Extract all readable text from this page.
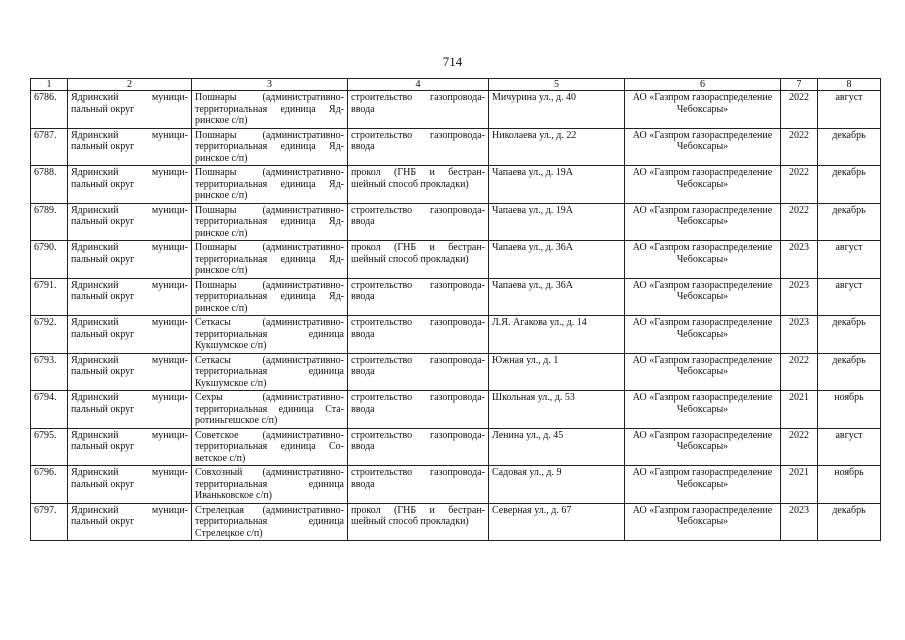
714
1	2	3	4	5	6	7	8
6786.	Ядринский муници-пальный округ	Пошнары (административно-территориальная единица Яд-ринское с/п)	строительство газопровода-ввода	Мичурина ул., д. 40	АО «Газпром газораспределение Чебоксары»	2022	август
6787.	Ядринский муници-пальный округ	Пошнары (административно-территориальная единица Яд-ринское с/п)	строительство газопровода-ввода	Николаева ул., д. 22	АО «Газпром газораспределение Чебоксары»	2022	декабрь
6788.	Ядринский муници-пальный округ	Пошнары (административно-территориальная единица Яд-ринское с/п)	прокол (ГНБ и бестран-шейный способ прокладки)	Чапаева ул., д. 19А	АО «Газпром газораспределение Чебоксары»	2022	декабрь
6789.	Ядринский муници-пальный округ	Пошнары (административно-территориальная единица Яд-ринское с/п)	строительство газопровода-ввода	Чапаева ул., д. 19А	АО «Газпром газораспределение Чебоксары»	2022	декабрь
6790.	Ядринский муници-пальный округ	Пошнары (административно-территориальная единица Яд-ринское с/п)	прокол (ГНБ и бестран-шейный способ прокладки)	Чапаева ул., д. 36А	АО «Газпром газораспределение Чебоксары»	2023	август
6791.	Ядринский муници-пальный округ	Пошнары (административно-территориальная единица Яд-ринское с/п)	строительство газопровода-ввода	Чапаева ул., д. 36А	АО «Газпром газораспределение Чебоксары»	2023	август
6792.	Ядринский муници-пальный округ	Сеткасы (административно-территориальная единица Кукшумское с/п)	строительство газопровода-ввода	Л.Я. Агакова ул., д. 14	АО «Газпром газораспределение Чебоксары»	2023	декабрь
6793.	Ядринский муници-пальный округ	Сеткасы (административно-территориальная единица Кукшумское с/п)	строительство газопровода-ввода	Южная ул., д. 1	АО «Газпром газораспределение Чебоксары»	2022	декабрь
6794.	Ядринский муници-пальный округ	Сехры (административно-территориальная единица Ста-ротиньгешское с/п)	строительство газопровода-ввода	Школьная ул., д. 53	АО «Газпром газораспределение Чебоксары»	2021	ноябрь
6795.	Ядринский муници-пальный округ	Советское (административно-территориальная единица Со-ветское с/п)	строительство газопровода-ввода	Ленина ул., д. 45	АО «Газпром газораспределение Чебоксары»	2022	август
6796.	Ядринский муници-пальный округ	Совхозный (административно-территориальная единица Иваньковское с/п)	строительство газопровода-ввода	Садовая ул., д. 9	АО «Газпром газораспределение Чебоксары»	2021	ноябрь
6797.	Ядринский муници-пальный округ	Стрелецкая (административно-территориальная единица Стрелецкое с/п)	прокол (ГНБ и бестран-шейный способ прокладки)	Северная ул., д. 67	АО «Газпром газораспределение Чебоксары»	2023	декабрь
